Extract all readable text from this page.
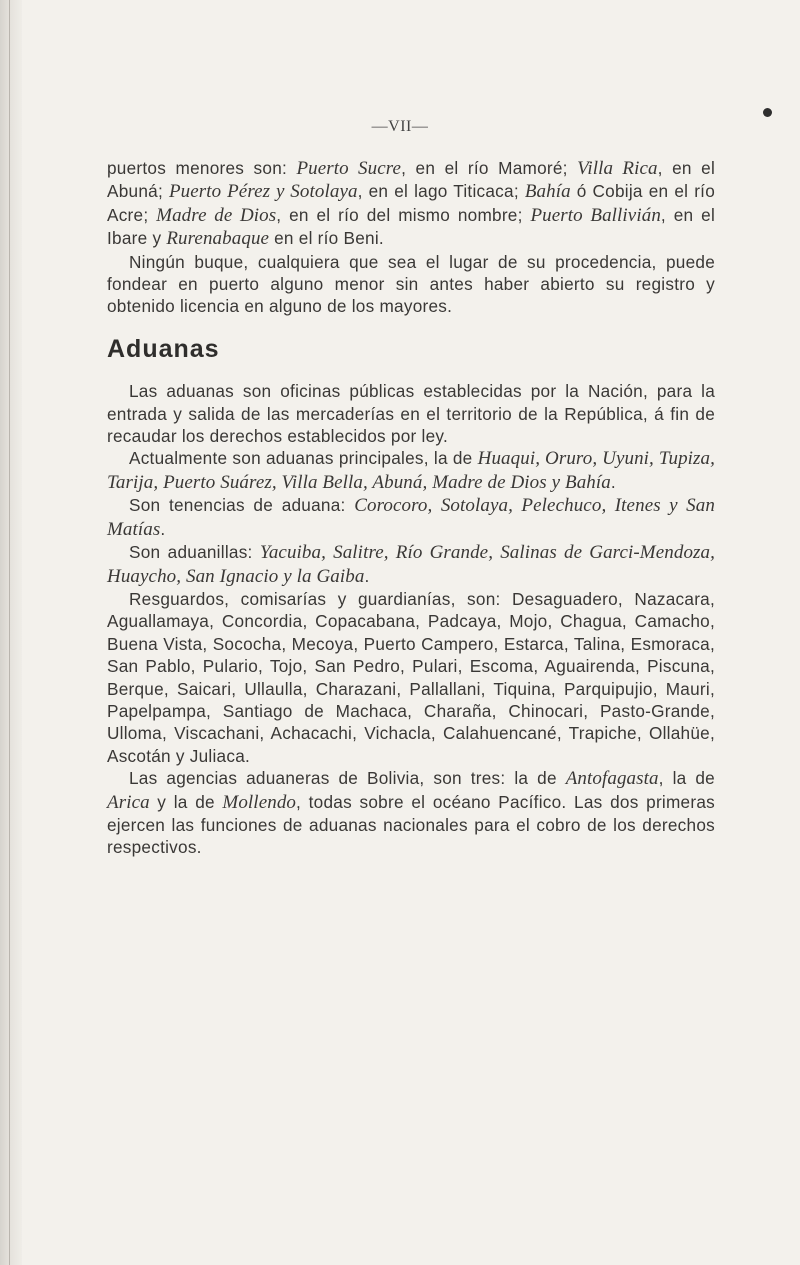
—VII—

puertos menores son: Puerto Sucre, en el río Mamoré; Villa Rica, en el Abuná; Puerto Pérez y Sotolaya, en el lago Titicaca; Bahía ó Cobija en el río Acre; Madre de Dios, en el río del mismo nombre; Puerto Ballivián, en el Ibare y Rurenabaque en el río Beni.

Ningún buque, cualquiera que sea el lugar de su procedencia, puede fondear en puerto alguno menor sin antes haber abierto su registro y obtenido licencia en alguno de los mayores.

Aduanas

Las aduanas son oficinas públicas establecidas por la Nación, para la entrada y salida de las mercaderías en el territorio de la República, á fin de recaudar los derechos establecidos por ley.

Actualmente son aduanas principales, la de Huaqui, Oruro, Uyuni, Tupiza, Tarija, Puerto Suárez, Villa Bella, Abuná, Madre de Dios y Bahía.

Son tenencias de aduana: Corocoro, Sotolaya, Pelechuco, Itenes y San Matías.

Son aduanillas: Yacuiba, Salitre, Río Grande, Salinas de Garci-Mendoza, Huaycho, San Ignacio y la Gaiba.

Resguardos, comisarías y guardianías, son: Desaguadero, Nazacara, Aguallamaya, Concordia, Copacabana, Padcaya, Mojo, Chagua, Camacho, Buena Vista, Sococha, Mecoya, Puerto Campero, Estarca, Talina, Esmoraca, San Pablo, Pulario, Tojo, San Pedro, Pulari, Escoma, Aguairenda, Piscuna, Berque, Saicari, Ullaulla, Charazani, Pallallani, Tiquina, Parquipujio, Mauri, Papelpampa, Santiago de Machaca, Charaña, Chinocari, Pasto-Grande, Ulloma, Viscachani, Achacachi, Vichacla, Calahuencané, Trapiche, Ollahüe, Ascotán y Juliaca.

Las agencias aduaneras de Bolivia, son tres: la de Antofagasta, la de Arica y la de Mollendo, todas sobre el océano Pacífico. Las dos primeras ejercen las funciones de aduanas nacionales para el cobro de los derechos respectivos.
